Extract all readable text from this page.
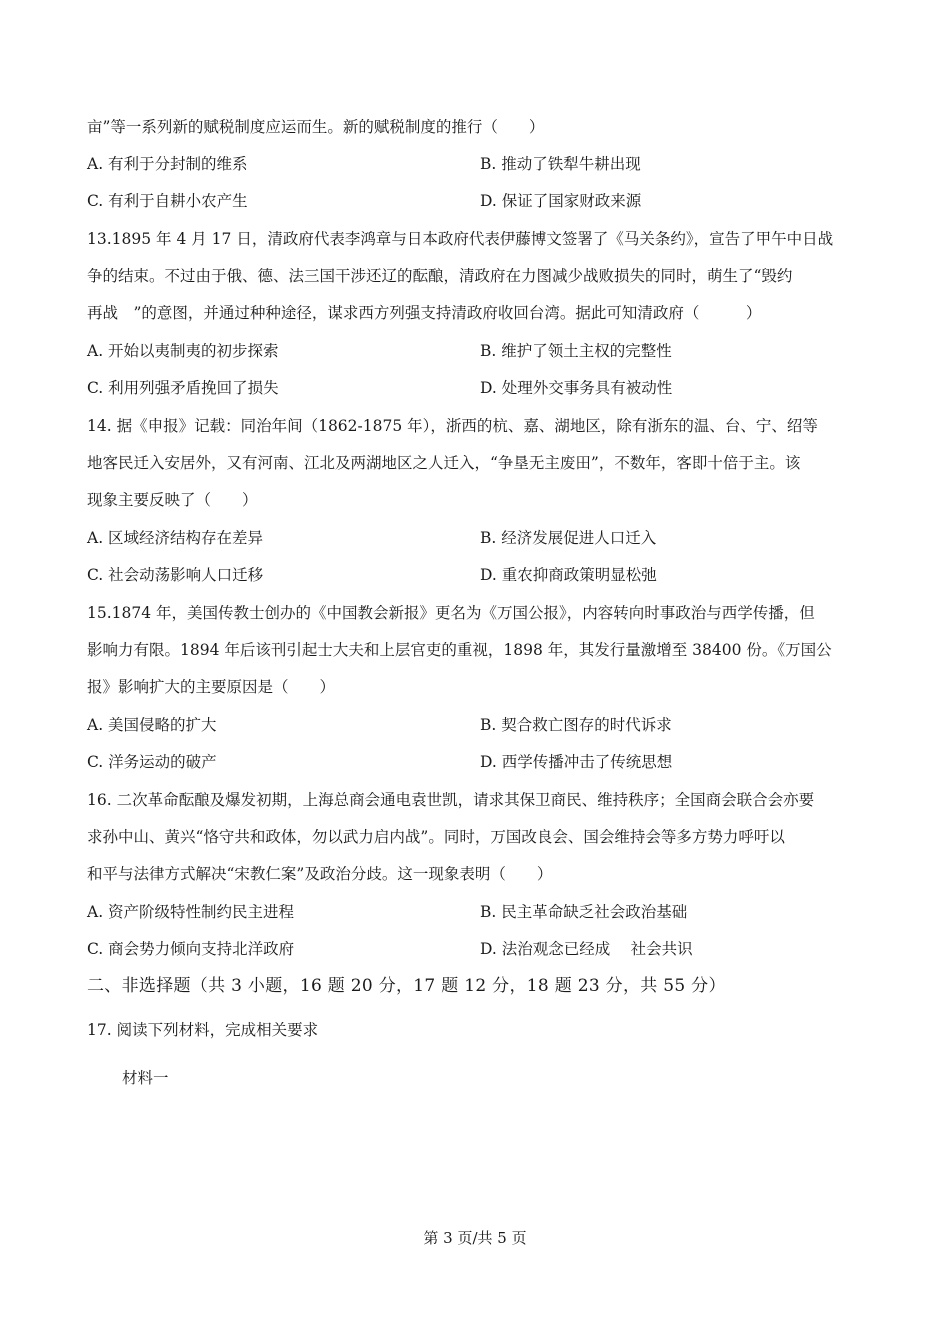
亩”等一系列新的赋税制度应运而生。新的赋税制度的推行（　　）
A. 有利于分封制的维系	B. 推动了铁犁牛耕出现
C. 有利于自耕小农产生	D. 保证了国家财政来源
13.1895 年 4 月 17 日，清政府代表李鸿章与日本政府代表伊藤博文签署了《马关条约》，宣告了甲午中日战
争的结束。不过由于俄、德、法三国干涉还辽的酝酿，清政府在力图减少战败损失的同时，萌生了“毁约
再战　”的意图，并通过种种途径，谋求西方列强支持清政府收回台湾。据此可知清政府（　　　）
A. 开始以夷制夷的初步探索	B. 维护了领土主权的完整性
C. 利用列强矛盾挽回了损失	D. 处理外交事务具有被动性
14. 据《申报》记载：同治年间（1862-1875 年），浙西的杭、嘉、湖地区，除有浙东的温、台、宁、绍等
地客民迁入安居外，又有河南、江北及两湖地区之人迁入，“争垦无主废田”，不数年，客即十倍于主。该
现象主要反映了（　　）
A. 区域经济结构存在差异	B. 经济发展促进人口迁入
C. 社会动荡影响人口迁移	D. 重农抑商政策明显松弛
15.1874 年，美国传教士创办的《中国教会新报》更名为《万国公报》，内容转向时事政治与西学传播，但
影响力有限。1894 年后该刊引起士大夫和上层官吏的重视，1898 年，其发行量激增至 38400 份。《万国公
报》影响扩大的主要原因是（　　）
A. 美国侵略的扩大	B. 契合救亡图存的时代诉求
C. 洋务运动的破产	D. 西学传播冲击了传统思想
16. 二次革命酝酿及爆发初期，上海总商会通电袁世凯，请求其保卫商民、维持秩序；全国商会联合会亦要
求孙中山、黄兴“恪守共和政体，勿以武力启内战”。同时，万国改良会、国会维持会等多方势力呼吁以
和平与法律方式解决“宋教仁案”及政治分歧。这一现象表明（　　）
A. 资产阶级特性制约民主进程	B. 民主革命缺乏社会政治基础
C. 商会势力倾向支持北洋政府	D. 法治观念已经成　 社会共识
二、非选择题（共 3 小题，16 题 20 分，17 题 12 分，18 题 23 分，共 55 分）
17. 阅读下列材料，完成相关要求
材料一
第 3 页/共 5 页
